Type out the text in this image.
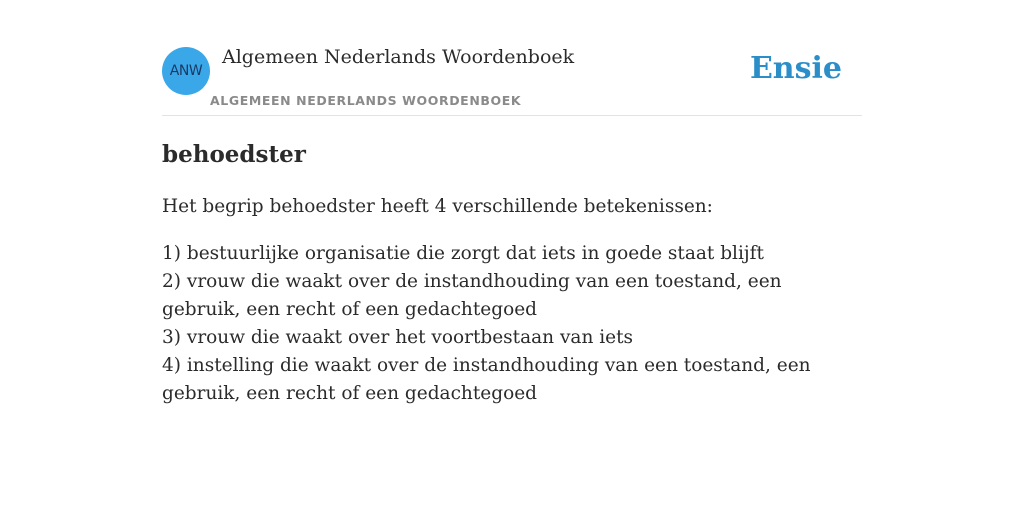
ANW
Algemeen Nederlands Woordenboek
ALGEMEEN NEDERLANDS WOORDENBOEK
Ensie
behoedster

Het begrip behoedster heeft 4 verschillende betekenissen:

1) bestuurlijke organisatie die zorgt dat iets in goede staat blijft
2) vrouw die waakt over de instandhouding van een toestand, een gebruik, een recht of een gedachtegoed
3) vrouw die waakt over het voortbestaan van iets
4) instelling die waakt over de instandhouding van een toestand, een gebruik, een recht of een gedachtegoed
